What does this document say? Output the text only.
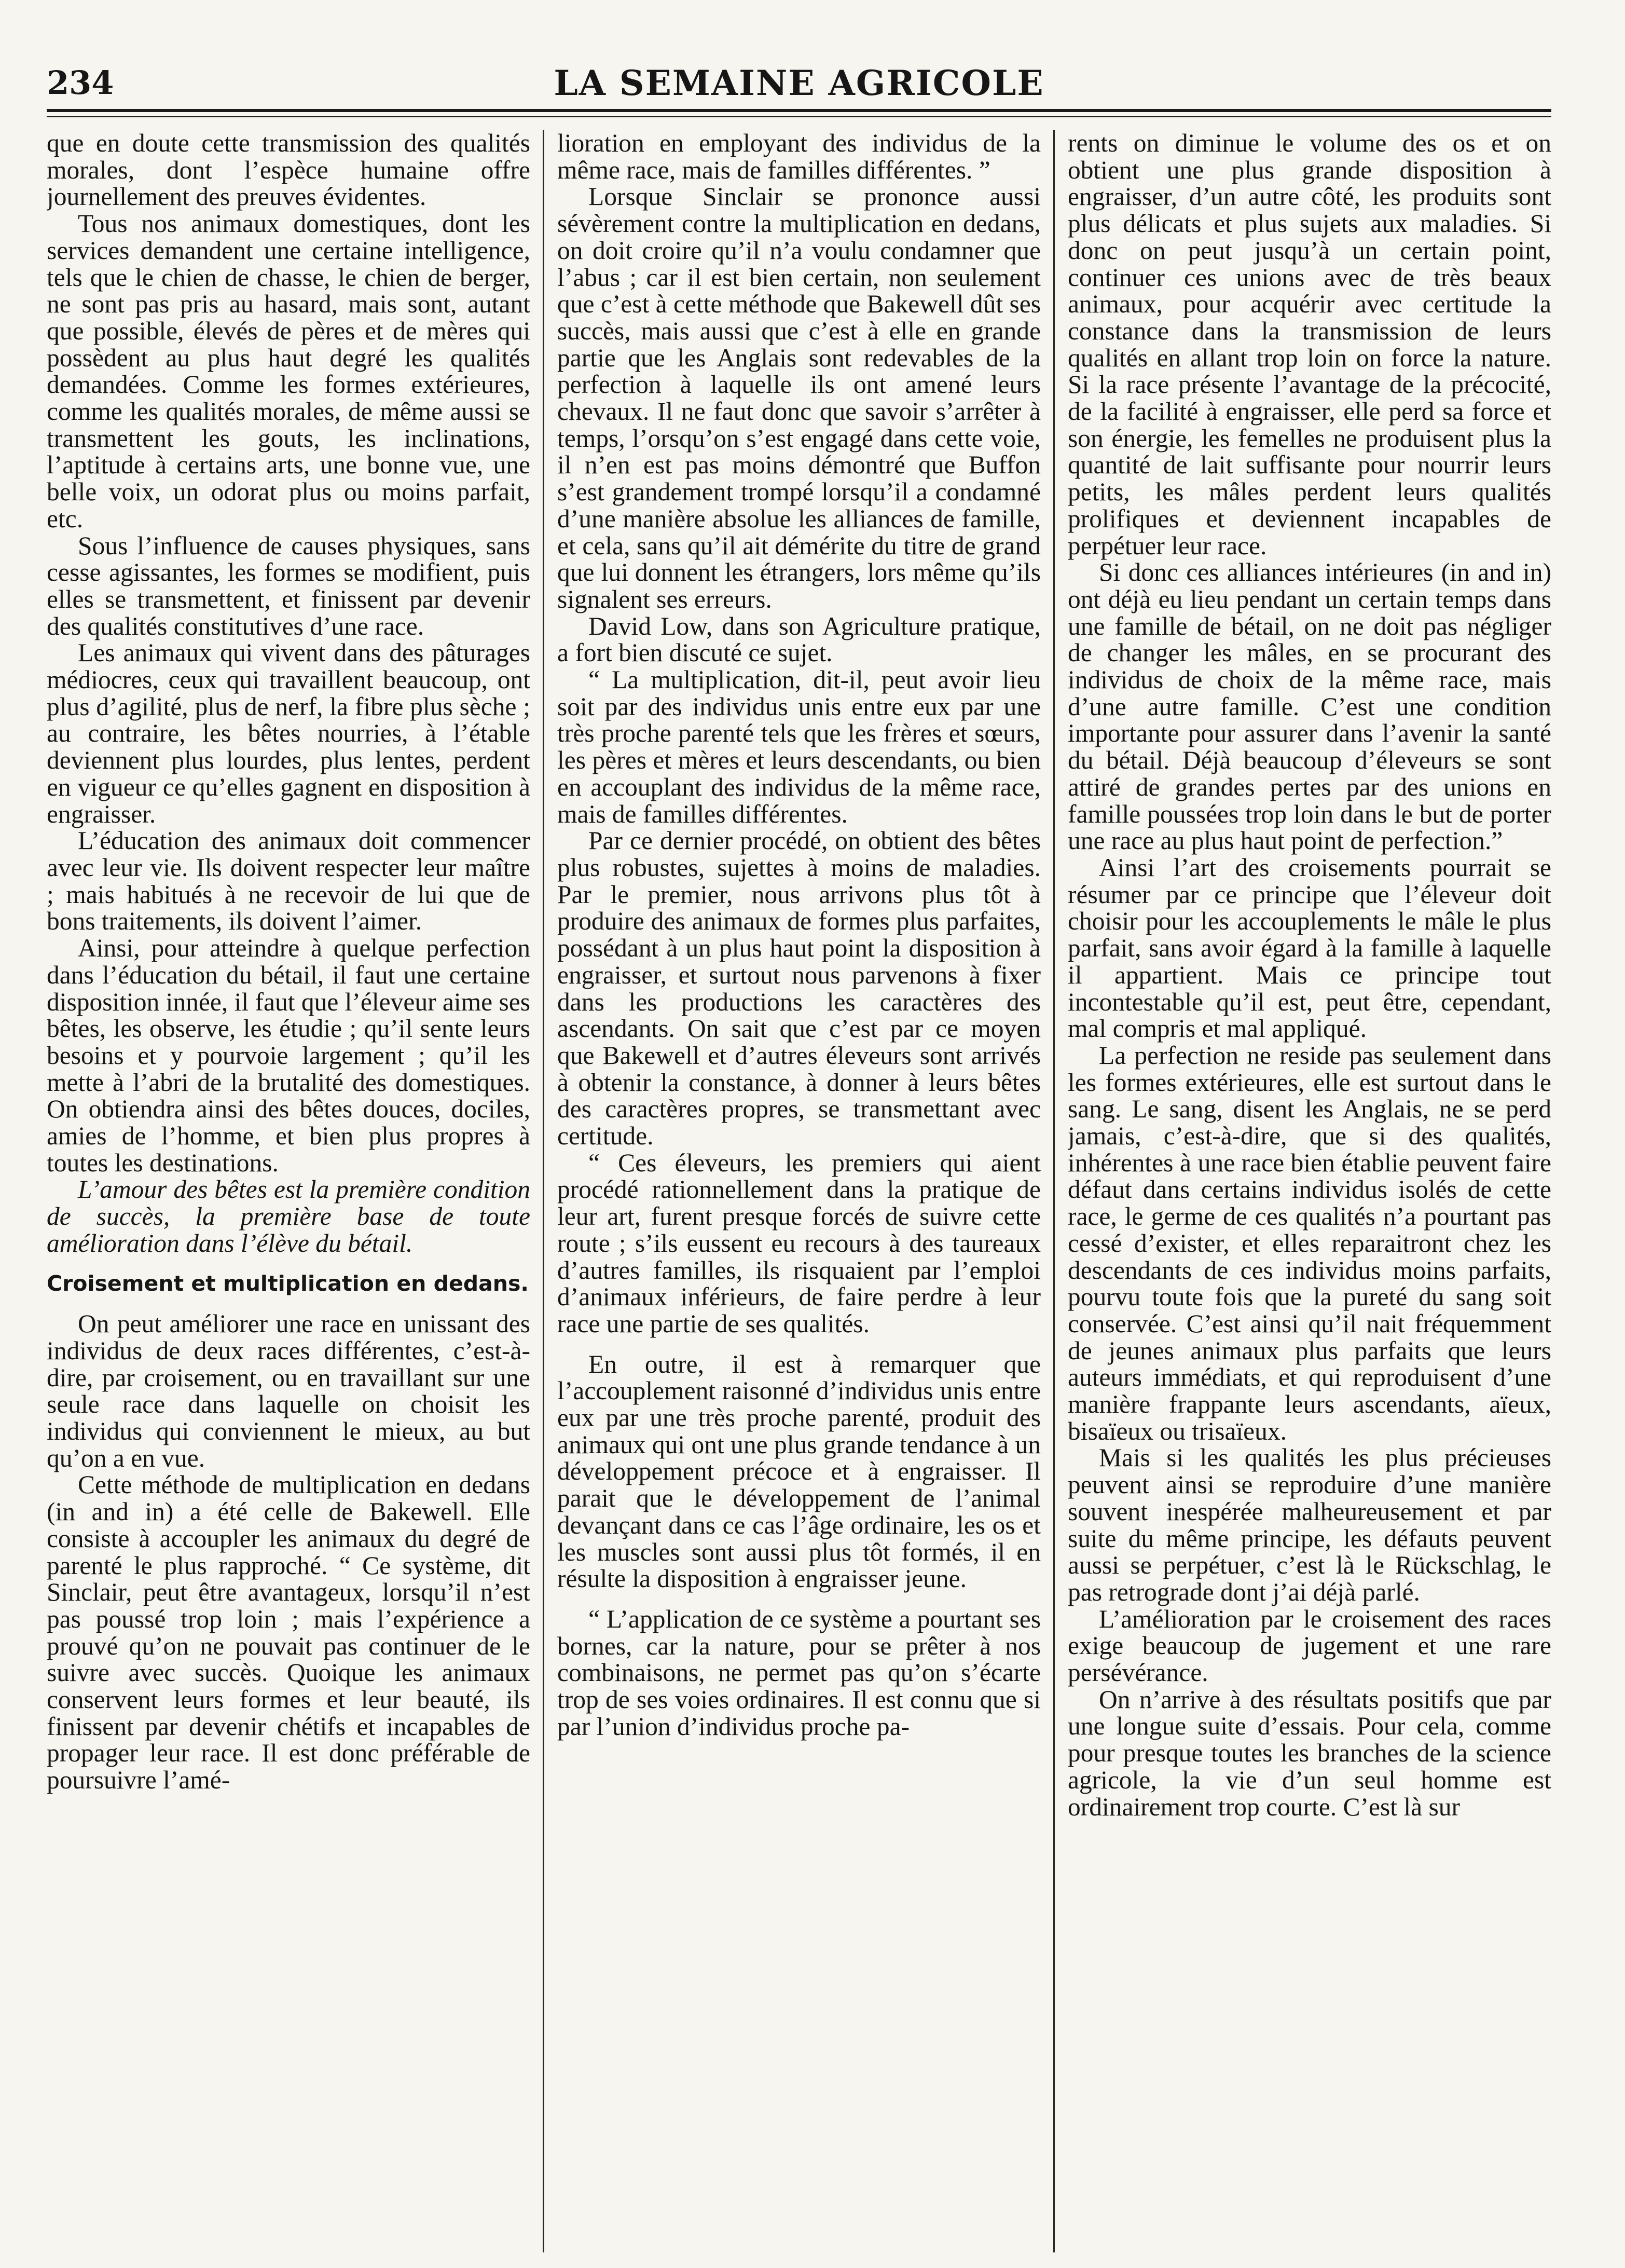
234	LA SEMAINE AGRICOLE

que en doute cette transmission des qualités morales, dont l’espèce humaine offre journellement des preuves évidentes.

Tous nos animaux domestiques, dont les services demandent une certaine intelligence, tels que le chien de chasse, le chien de berger, ne sont pas pris au hasard, mais sont, autant que possible, élevés de pères et de mères qui possèdent au plus haut degré les qualités demandées. Comme les formes extérieures, comme les qualités morales, de même aussi se transmettent les gouts, les inclinations, l’aptitude à certains arts, une bonne vue, une belle voix, un odorat plus ou moins parfait, etc.

Sous l’influence de causes physiques, sans cesse agissantes, les formes se modifient, puis elles se transmettent, et finissent par devenir des qualités constitutives d’une race.

Les animaux qui vivent dans des pâturages médiocres, ceux qui travaillent beaucoup, ont plus d’agilité, plus de nerf, la fibre plus sèche ; au contraire, les bêtes nourries, à l’étable deviennent plus lourdes, plus lentes, perdent en vigueur ce qu’elles gagnent en disposition à engraisser.

L’éducation des animaux doit commencer avec leur vie. Ils doivent respecter leur maître ; mais habitués à ne recevoir de lui que de bons traitements, ils doivent l’aimer.

Ainsi, pour atteindre à quelque perfection dans l’éducation du bétail, il faut une certaine disposition innée, il faut que l’éleveur aime ses bêtes, les observe, les étudie ; qu’il sente leurs besoins et y pourvoie largement ; qu’il les mette à l’abri de la brutalité des domestiques. On obtiendra ainsi des bêtes douces, dociles, amies de l’homme, et bien plus propres à toutes les destinations.

L’amour des bêtes est la première condition de succès, la première base de toute amélioration dans l’élève du bétail.

Croisement et multiplication en dedans.

On peut améliorer une race en unissant des individus de deux races différentes, c’est-à-dire, par croisement, ou en travaillant sur une seule race dans laquelle on choisit les individus qui conviennent le mieux, au but qu’on a en vue.

Cette méthode de multiplication en dedans (in and in) a été celle de Bakewell. Elle consiste à accoupler les animaux du degré de parenté le plus rapproché. “ Ce système, dit Sinclair, peut être avantageux, lorsqu’il n’est pas poussé trop loin ; mais l’expérience a prouvé qu’on ne pouvait pas continuer de le suivre avec succès. Quoique les animaux conservent leurs formes et leur beauté, ils finissent par devenir chétifs et incapables de propager leur race. Il est donc préférable de poursuivre l’amé-

lioration en employant des individus de la même race, mais de familles différentes. ”

Lorsque Sinclair se prononce aussi sévèrement contre la multiplication en dedans, on doit croire qu’il n’a voulu condamner que l’abus ; car il est bien certain, non seulement que c’est à cette méthode que Bakewell dût ses succès, mais aussi que c’est à elle en grande partie que les Anglais sont redevables de la perfection à laquelle ils ont amené leurs chevaux. Il ne faut donc que savoir s’arrêter à temps, l’orsqu’on s’est engagé dans cette voie, il n’en est pas moins démontré que Buffon s’est grandement trompé lorsqu’il a condamné d’une manière absolue les alliances de famille, et cela, sans qu’il ait démérite du titre de grand que lui donnent les étrangers, lors même qu’ils signalent ses erreurs.

David Low, dans son Agriculture pratique, a fort bien discuté ce sujet.

“ La multiplication, dit-il, peut avoir lieu soit par des individus unis entre eux par une très proche parenté tels que les frères et sœurs, les pères et mères et leurs descendants, ou bien en accouplant des individus de la même race, mais de familles différentes.

Par ce dernier procédé, on obtient des bêtes plus robustes, sujettes à moins de maladies. Par le premier, nous arrivons plus tôt à produire des animaux de formes plus parfaites, possédant à un plus haut point la disposition à engraisser, et surtout nous parvenons à fixer dans les productions les caractères des ascendants. On sait que c’est par ce moyen que Bakewell et d’autres éleveurs sont arrivés à obtenir la constance, à donner à leurs bêtes des caractères propres, se transmettant avec certitude.

“ Ces éleveurs, les premiers qui aient procédé rationnellement dans la pratique de leur art, furent presque forcés de suivre cette route ; s’ils eussent eu recours à des taureaux d’autres familles, ils risquaient par l’emploi d’animaux inférieurs, de faire perdre à leur race une partie de ses qualités.

En outre, il est à remarquer que l’accouplement raisonné d’individus unis entre eux par une très proche parenté, produit des animaux qui ont une plus grande tendance à un développement précoce et à engraisser. Il parait que le développement de l’animal devançant dans ce cas l’âge ordinaire, les os et les muscles sont aussi plus tôt formés, il en résulte la disposition à engraisser jeune.

“ L’application de ce système a pourtant ses bornes, car la nature, pour se prêter à nos combinaisons, ne permet pas qu’on s’écarte trop de ses voies ordinaires. Il est connu que si par l’union d’individus proche pa-

rents on diminue le volume des os et on obtient une plus grande disposition à engraisser, d’un autre côté, les produits sont plus délicats et plus sujets aux maladies. Si donc on peut jusqu’à un certain point, continuer ces unions avec de très beaux animaux, pour acquérir avec certitude la constance dans la transmission de leurs qualités en allant trop loin on force la nature. Si la race présente l’avantage de la précocité, de la facilité à engraisser, elle perd sa force et son énergie, les femelles ne produisent plus la quantité de lait suffisante pour nourrir leurs petits, les mâles perdent leurs qualités prolifiques et deviennent incapables de perpétuer leur race.

Si donc ces alliances intérieures (in and in) ont déjà eu lieu pendant un certain temps dans une famille de bétail, on ne doit pas négliger de changer les mâles, en se procurant des individus de choix de la même race, mais d’une autre famille. C’est une condition importante pour assurer dans l’avenir la santé du bétail. Déjà beaucoup d’éleveurs se sont attiré de grandes pertes par des unions en famille poussées trop loin dans le but de porter une race au plus haut point de perfection.”

Ainsi l’art des croisements pourrait se résumer par ce principe que l’éleveur doit choisir pour les accouplements le mâle le plus parfait, sans avoir égard à la famille à laquelle il appartient. Mais ce principe tout incontestable qu’il est, peut être, cependant, mal compris et mal appliqué.

La perfection ne reside pas seulement dans les formes extérieures, elle est surtout dans le sang. Le sang, disent les Anglais, ne se perd jamais, c’est-à-dire, que si des qualités, inhérentes à une race bien établie peuvent faire défaut dans certains individus isolés de cette race, le germe de ces qualités n’a pourtant pas cessé d’exister, et elles reparaitront chez les descendants de ces individus moins parfaits, pourvu toute fois que la pureté du sang soit conservée. C’est ainsi qu’il nait fréquemment de jeunes animaux plus parfaits que leurs auteurs immédiats, et qui reproduisent d’une manière frappante leurs ascendants, aïeux, bisaïeux ou trisaïeux.

Mais si les qualités les plus précieuses peuvent ainsi se reproduire d’une manière souvent inespérée malheureusement et par suite du même principe, les défauts peuvent aussi se perpétuer, c’est là le Rückschlag, le pas retrograde dont j’ai déjà parlé.

L’amélioration par le croisement des races exige beaucoup de jugement et une rare persévérance.

On n’arrive à des résultats positifs que par une longue suite d’essais. Pour cela, comme pour presque toutes les branches de la science agricole, la vie d’un seul homme est ordinairement trop courte. C’est là sur
